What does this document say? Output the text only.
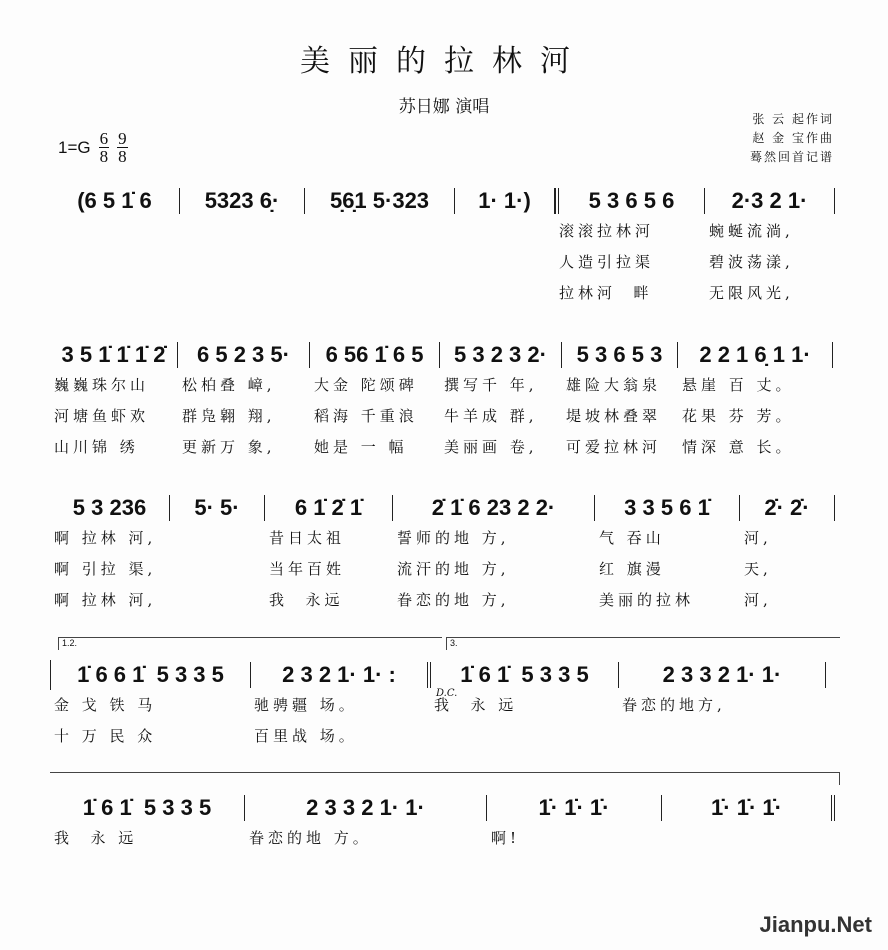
美丽的拉林河
苏日娜 演唱
张 云 起作词
赵 金 宝作曲
蓦然回首记谱
$1=G \frac{6}{8} \frac{9}{8}$
1.2.	3.
D.C.
(6 5 1̇ 6	5323 6̣·	5̣6̣1 5·323	1· 1·)	5 3 6 5 6	2·3 2 1·
滚滚拉林河	蜿蜒流淌,
人造引拉渠	碧波荡漾,
拉林河  畔	无限风光,
3 5 1̇ 1̇ 1̇ 2̇	6 5 2 3 5·	6 56 1̇ 6 5	5 3 2 3 2·	5 3 6 5 3	2 2 1 6̣ 1 1·
巍巍珠尔山	松柏叠 嶂,	大金 陀颂碑	撰写千 年,	雄险大翁泉	悬崖 百 丈。
河塘鱼虾欢	群凫翱 翔,	稻海 千重浪	牛羊成 群,	堤坡林叠翠	花果 芬 芳。
山川锦 绣	更新万 象,	她是 一 幅	美丽画 卷,	可爱拉林河	情深 意 长。
5 3 236	5· 5·	6 1̇ 2̇ 1̇	2̇ 1̇ 6 23 2 2·	3 3 5 6 1̇	2̇· 2̇·
啊 拉林 河,	昔日太祖	誓师的地 方,	气 吞山	河,
啊 引拉 渠,	当年百姓	流汗的地 方,	红 旗漫	天,
啊 拉林 河,	我  永远	眷恋的地 方,	美丽的拉林	河,
1̇ 6 6 1̇  5 3 3 5	2 3 2 1· 1· :	1̇ 6 1̇  5 3 3 5	2 3 3 2 1· 1·
金 戈 铁 马	驰骋疆 场。	我  永 远	眷恋的地方,
十 万 民 众	百里战 场。
1̇ 6 1̇  5 3 3 5	2 3 3 2 1· 1·	1̇· 1̇· 1̇·	1̇· 1̇· 1̇·
我  永 远	眷恋的地 方。	啊!
Jianpu.Net
